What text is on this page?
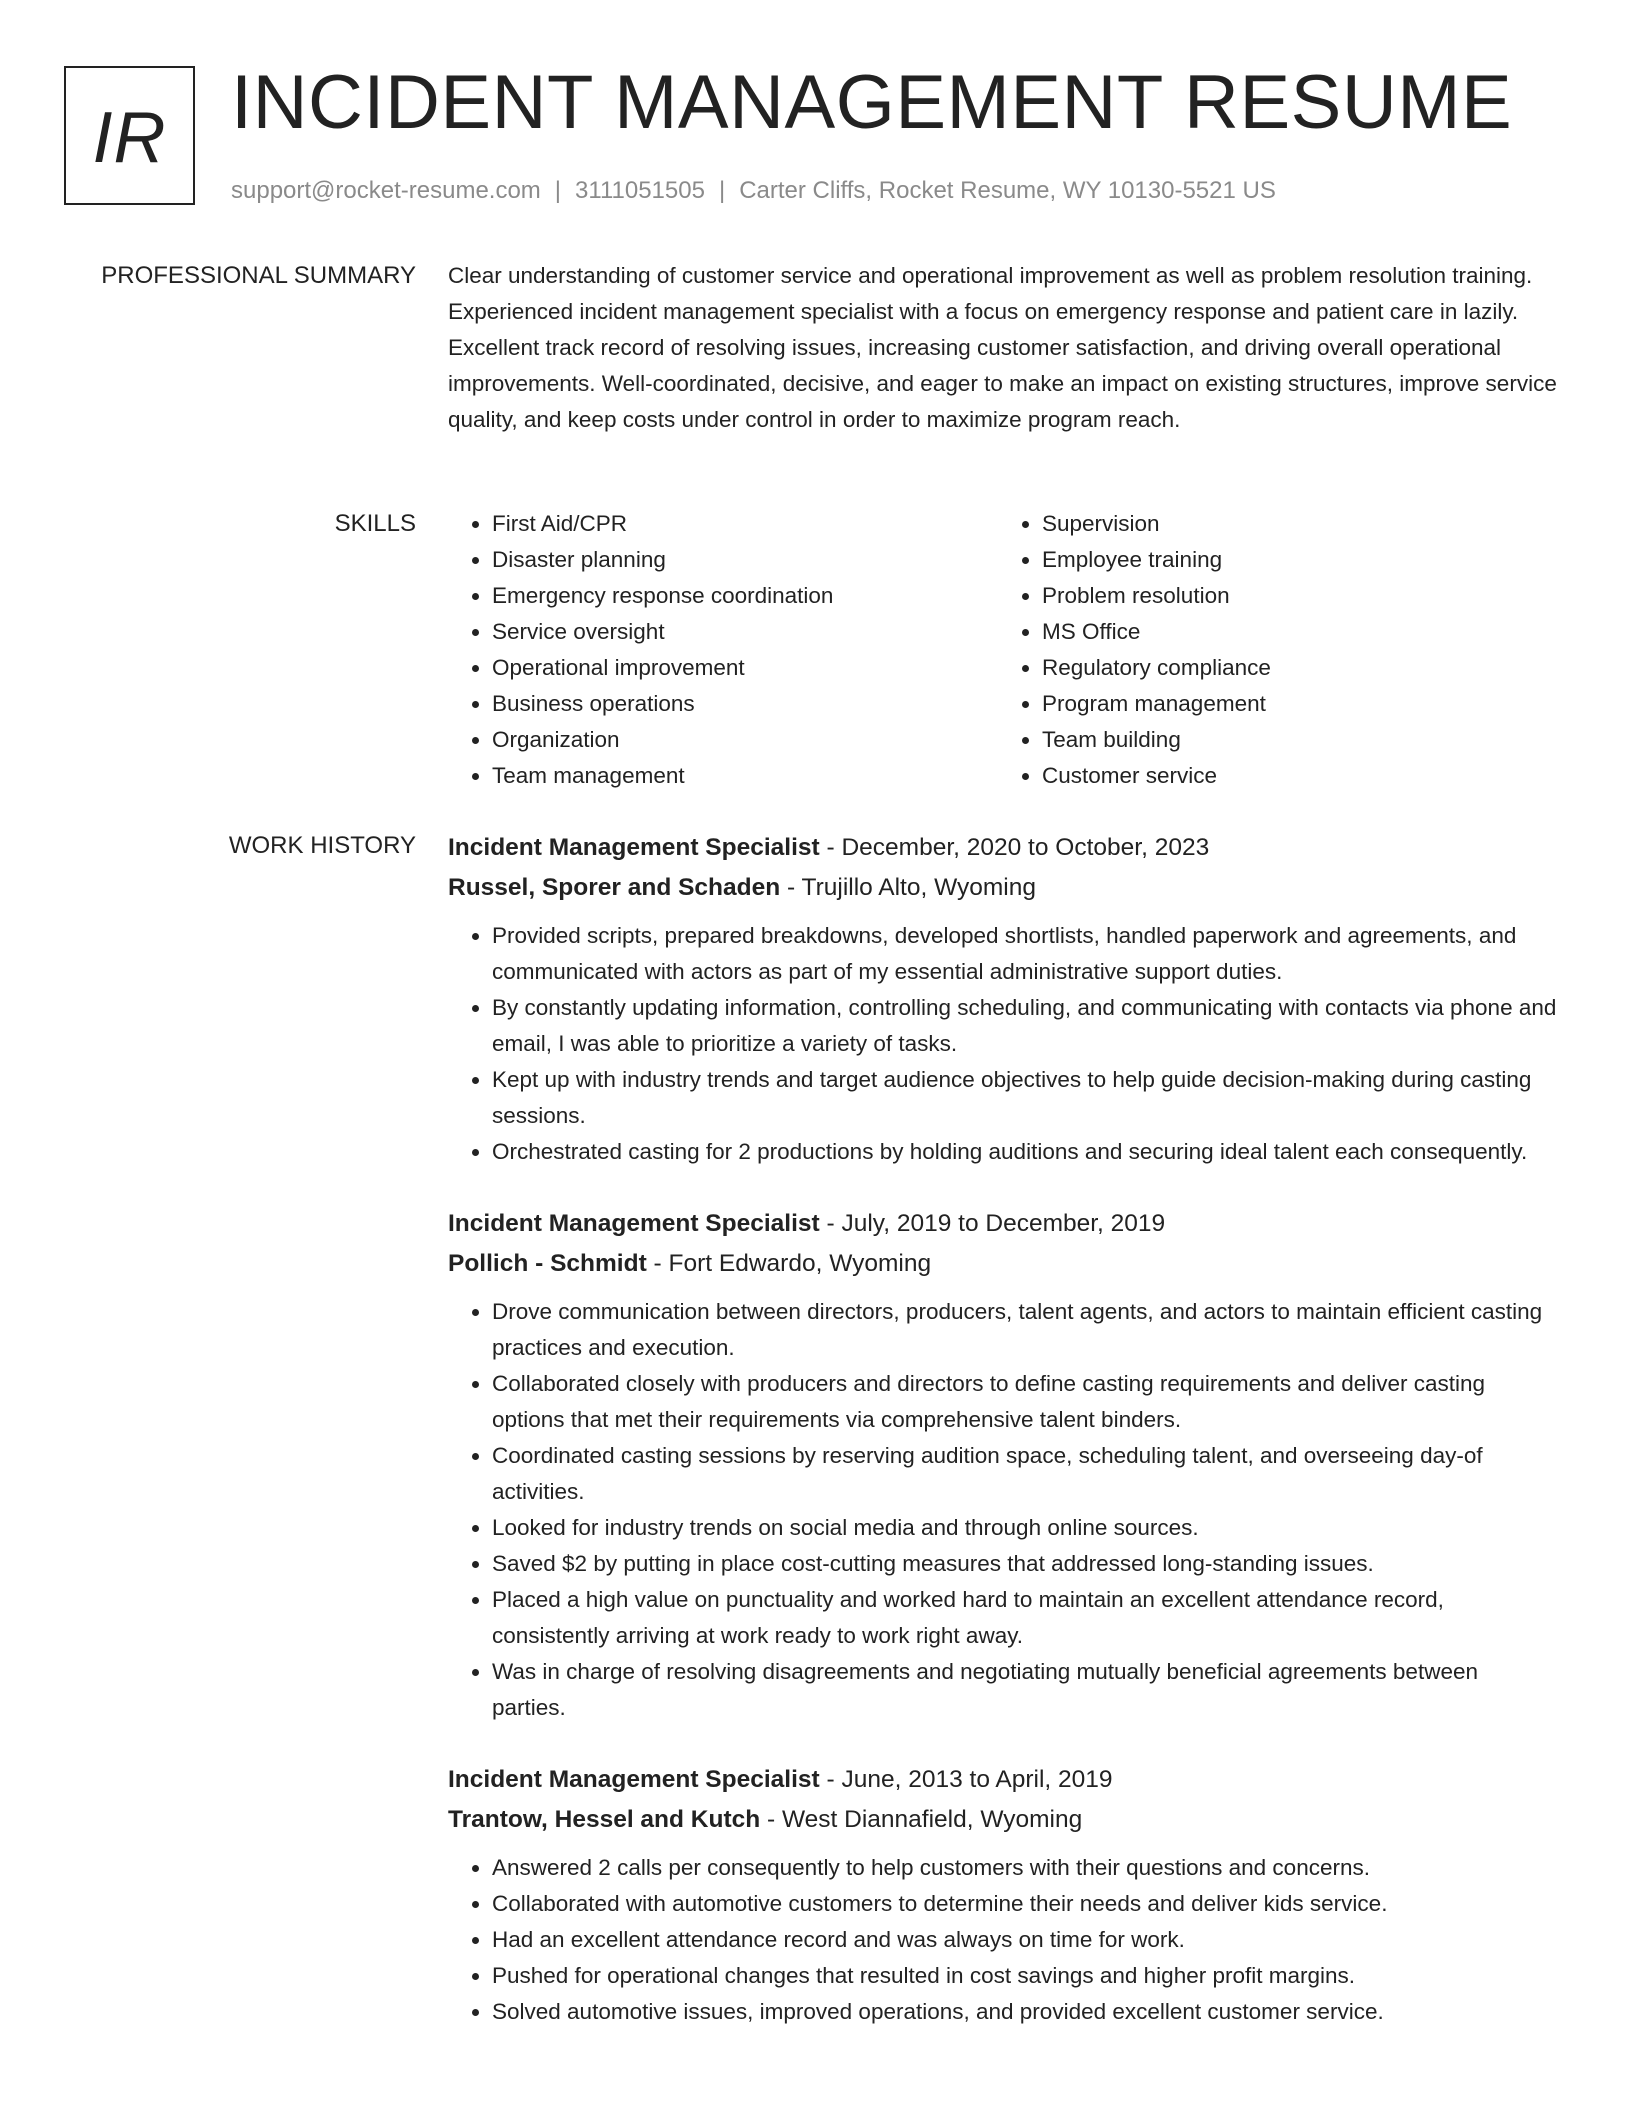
IR INCIDENT MANAGEMENT RESUME
support@rocket-resume.com | 3111051505 | Carter Cliffs, Rocket Resume, WY 10130-5521 US
PROFESSIONAL SUMMARY Clear understanding of customer service and operational improvement as well as problem resolution training. Experienced incident management specialist with a focus on emergency response and patient care in lazily. Excellent track record of resolving issues, increasing customer satisfaction, and driving overall operational improvements. Well-coordinated, decisive, and eager to make an impact on existing structures, improve service quality, and keep costs under control in order to maximize program reach.

SKILLS
•	First Aid/CPR
• Disaster planning
• Emergency response coordination
• Service oversight
• Operational improvement
• Business operations
• Organization
• Team management
• Supervision
• Employee training
• Problem resolution
• MS Office
• Regulatory compliance
• Program management
• Team building
• Customer service
WORK HISTORY Incident Management Specialist - December, 2020 to October, 2023
Russel, Sporer and Schaden - Trujillo Alto, Wyoming
• Provided scripts, prepared breakdowns, developed shortlists, handled paperwork and agreements, and communicated with actors as part of my essential administrative support duties.
• By constantly updating information, controlling scheduling, and communicating with contacts via phone and email, I was able to prioritize a variety of tasks.
• Kept up with industry trends and target audience objectives to help guide decision-making during casting sessions.
• Orchestrated casting for 2 productions by holding auditions and securing ideal talent each consequently.
Incident Management Specialist - July, 2019 to December, 2019
Pollich - Schmidt - Fort Edwardo, Wyoming
• Drove communication between directors, producers, talent agents, and actors to maintain efficient casting practices and execution.
• Collaborated closely with producers and directors to define casting requirements and deliver casting options that met their requirements via comprehensive talent binders.
• Coordinated casting sessions by reserving audition space, scheduling talent, and overseeing day-of activities.
• Looked for industry trends on social media and through online sources.
• Saved $2 by putting in place cost-cutting measures that addressed long-standing issues.
• Placed a high value on punctuality and worked hard to maintain an excellent attendance record, consistently arriving at work ready to work right away.
• Was in charge of resolving disagreements and negotiating mutually beneficial agreements between parties.
Incident Management Specialist - June, 2013 to April, 2019
Trantow, Hessel and Kutch - West Diannafield, Wyoming
• Answered 2 calls per consequently to help customers with their questions and concerns.
• Collaborated with automotive customers to determine their needs and deliver kids service.
• Had an excellent attendance record and was always on time for work.
• Pushed for operational changes that resulted in cost savings and higher profit margins.
• Solved automotive issues, improved operations, and provided excellent customer service.
